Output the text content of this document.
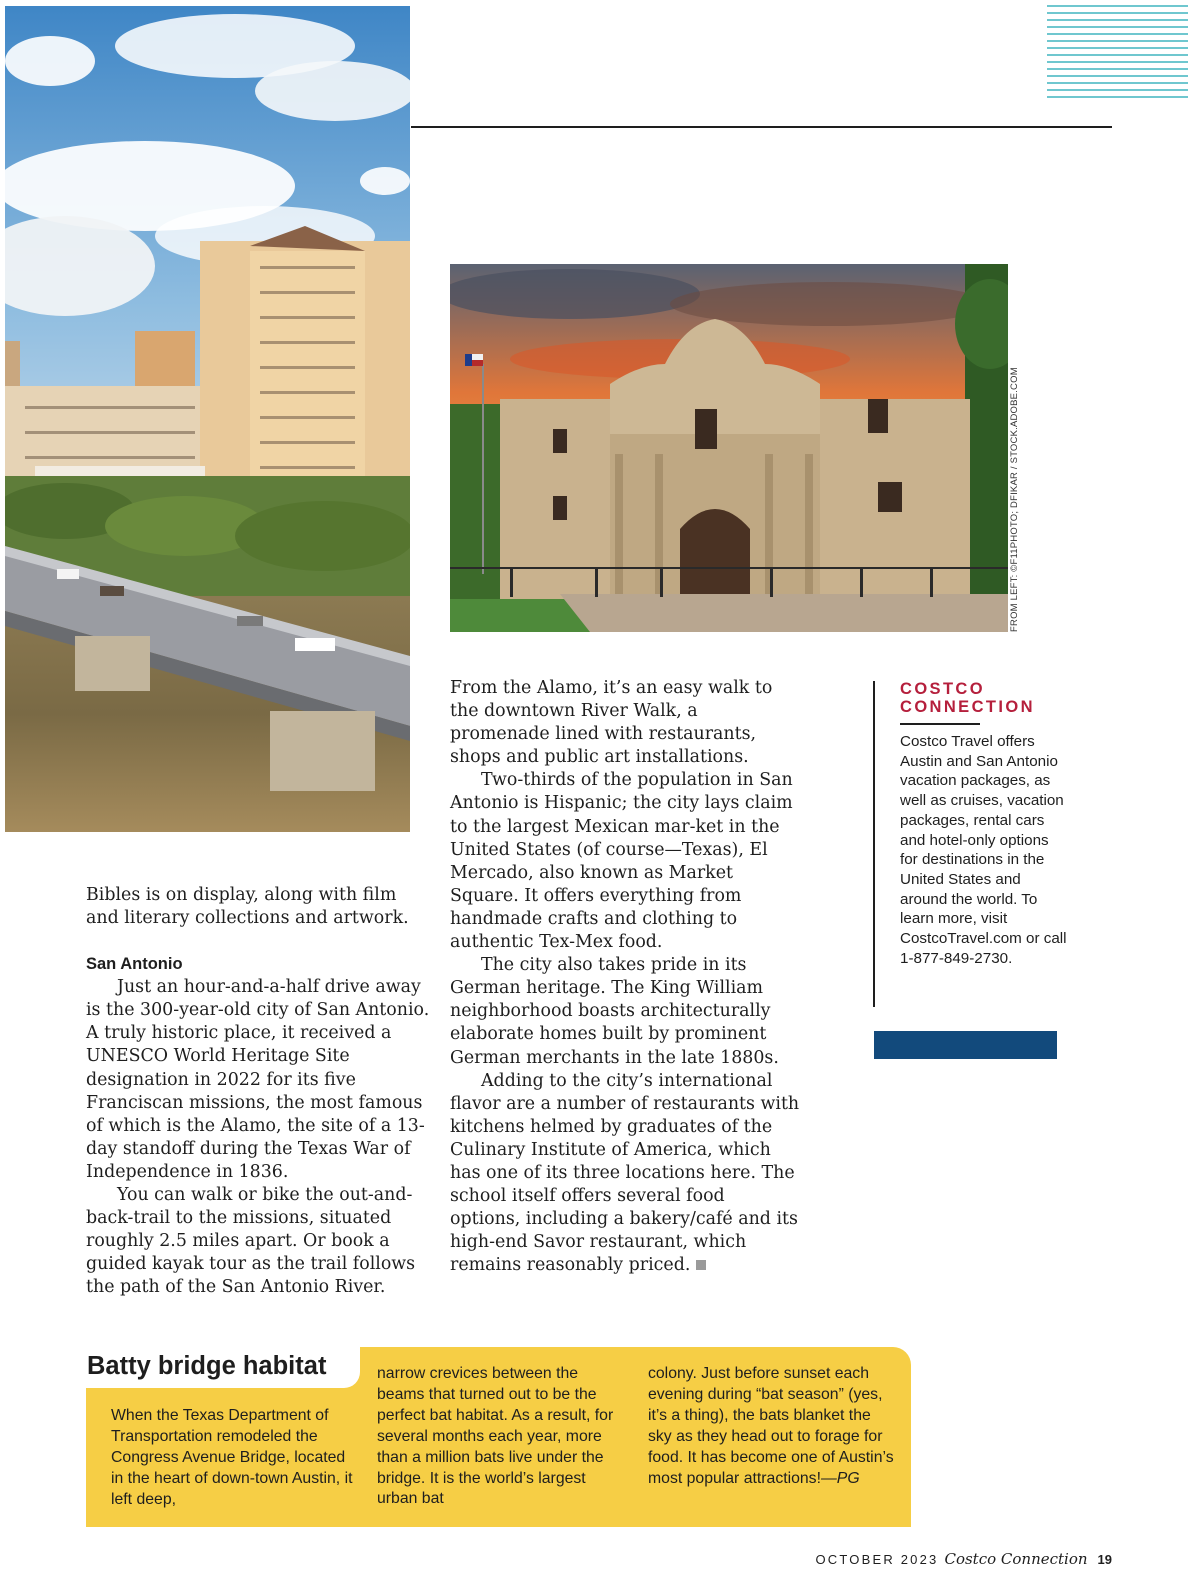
FROM LEFT: ©F11PHOTO; DFIKAR / STOCK.ADOBE.COM

Bibles is on display, along with film and literary collections and artwork.

San Antonio

Just an hour-and-a-half drive away is the 300-year-old city of San Antonio. A truly historic place, it received a UNESCO World Heritage Site designation in 2022 for its five Franciscan missions, the most famous of which is the Alamo, the site of a 13-day standoff during the Texas War of Independence in 1836.

You can walk or bike the out-and-back-trail to the missions, situated roughly 2.5 miles apart. Or book a guided kayak tour as the trail follows the path of the San Antonio River.

From the Alamo, it’s an easy walk to the downtown River Walk, a promenade lined with restaurants, shops and public art installations.

Two-thirds of the population in San Antonio is Hispanic; the city lays claim to the largest Mexican mar-ket in the United States (of course—Texas), El Mercado, also known as Market Square. It offers everything from handmade crafts and clothing to authentic Tex-Mex food.

The city also takes pride in its German heritage. The King William neighborhood boasts architecturally elaborate homes built by prominent German merchants in the late 1880s.

Adding to the city’s international flavor are a number of restaurants with kitchens helmed by graduates of the Culinary Institute of America, which has one of its three locations here. The school itself offers several food options, including a bakery/café and its high-end Savor restaurant, which remains reasonably priced.

COSTCO
CONNECTION
Costco Travel offers Austin and San Antonio vacation packages, as well as cruises, vacation packages, rental cars and hotel-only options for destinations in the United States and around the world. To learn more, visit CostcoTravel.com or call 1-877-849-2730.
Batty bridge habitat
When the Texas Department of Transportation remodeled the Congress Avenue Bridge, located in the heart of down-town Austin, it left deep,
narrow crevices between the beams that turned out to be the perfect bat habitat. As a result, for several months each year, more than a million bats live under the bridge. It is the world’s largest urban bat
colony. Just before sunset each evening during “bat season” (yes, it’s a thing), the bats blanket the sky as they head out to forage for food. It has become one of Austin’s most popular attractions!—PG
OCTOBER 2023 Costco Connection 19
